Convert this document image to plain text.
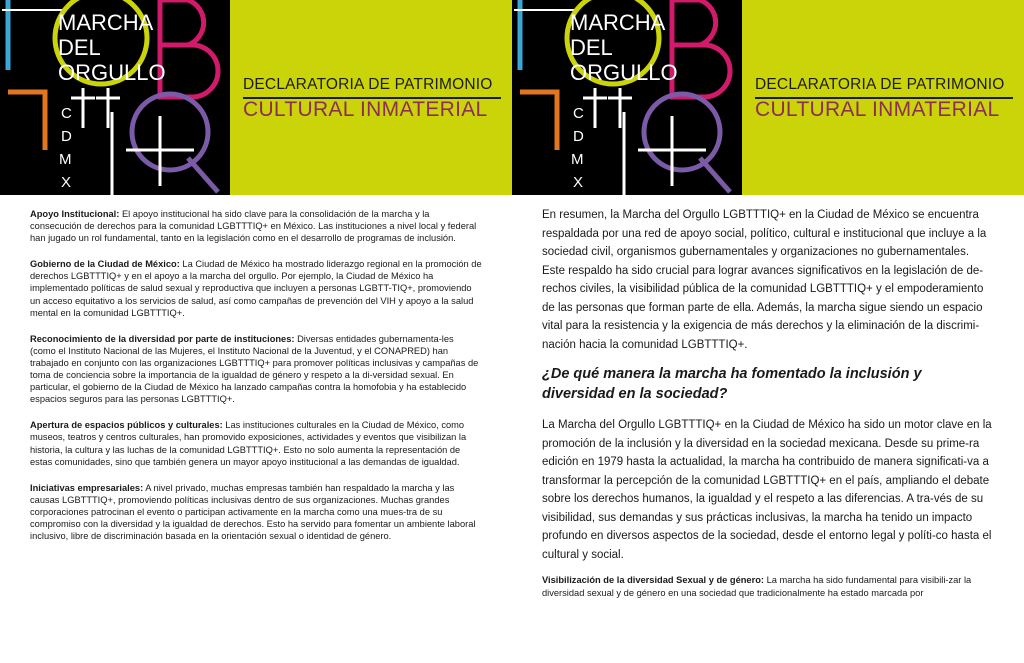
MARCHA
DEL
ORGULLO
C
D
M
X
DECLARATORIA DE PATRIMONIO
CULTURAL INMATERIAL

Apoyo Institucional: El apoyo institucional ha sido clave para la consolidación de la marcha y la consecución de derechos para la comunidad LGBTTTIQ+ en México. Las instituciones a nivel local y federal han jugado un rol fundamental, tanto en la legislación como en el desarrollo de programas de inclusión.

Gobierno de la Ciudad de México: La Ciudad de México ha mostrado liderazgo regional en la promoción de derechos LGBTTTIQ+ y en el apoyo a la marcha del orgullo. Por ejemplo, la Ciudad de México ha implementado políticas de salud sexual y reproductiva que incluyen a personas LGBTT-TIQ+, promoviendo un acceso equitativo a los servicios de salud, así como campañas de prevención del VIH y apoyo a la salud mental en la comunidad LGBTTTIQ+.

Reconocimiento de la diversidad por parte de instituciones: Diversas entidades gubernamenta-les (como el Instituto Nacional de las Mujeres, el Instituto Nacional de la Juventud, y el CONAPRED) han trabajado en conjunto con las organizaciones LGBTTTIQ+ para promover políticas inclusivas y campañas de toma de conciencia sobre la importancia de la igualdad de género y respeto a la di-versidad sexual. En particular, el gobierno de la Ciudad de México ha lanzado campañas contra la homofobia y ha establecido espacios seguros para las personas LGBTTTIQ+.

Apertura de espacios públicos y culturales: Las instituciones culturales en la Ciudad de México, como museos, teatros y centros culturales, han promovido exposiciones, actividades y eventos que visibilizan la historia, la cultura y las luchas de la comunidad LGBTTTIQ+. Esto no solo aumenta la representación de estas comunidades, sino que también genera un mayor apoyo institucional a las demandas de igualdad.

Iniciativas empresariales: A nivel privado, muchas empresas también han respaldado la marcha y las causas LGBTTTIQ+, promoviendo políticas inclusivas dentro de sus organizaciones. Muchas grandes corporaciones patrocinan el evento o participan activamente en la marcha como una mues-tra de su compromiso con la diversidad y la igualdad de derechos. Esto ha servido para fomentar un ambiente laboral inclusivo, libre de discriminación basada en la orientación sexual o identidad de género.

MARCHA
DEL
ORGULLO
C
D
M
X
DECLARATORIA DE PATRIMONIO
CULTURAL INMATERIAL

En resumen, la Marcha del Orgullo LGBTTTIQ+ en la Ciudad de México se encuentra respaldada por una red de apoyo social, político, cultural e institucional que incluye a la sociedad civil, organismos gubernamentales y organizaciones no gubernamentales. Este respaldo ha sido crucial para lograr avances significativos en la legislación de de-rechos civiles, la visibilidad pública de la comunidad LGBTTTIQ+ y el empoderamiento de las personas que forman parte de ella. Además, la marcha sigue siendo un espacio vital para la resistencia y la exigencia de más derechos y la eliminación de la discrimi-nación hacia la comunidad LGBTTTIQ+.

¿De qué manera la marcha ha fomentado la inclusión y diversidad en la sociedad?

La Marcha del Orgullo LGBTTTIQ+ en la Ciudad de México ha sido un motor clave en la promoción de la inclusión y la diversidad en la sociedad mexicana. Desde su prime-ra edición en 1979 hasta la actualidad, la marcha ha contribuido de manera significati-va a transformar la percepción de la comunidad LGBTTTIQ+ en el país, ampliando el debate sobre los derechos humanos, la igualdad y el respeto a las diferencias. A tra-vés de su visibilidad, sus demandas y sus prácticas inclusivas, la marcha ha tenido un impacto profundo en diversos aspectos de la sociedad, desde el entorno legal y políti-co hasta el cultural y social.

Visibilización de la diversidad Sexual y de género: La marcha ha sido fundamental para visibili-zar la diversidad sexual y de género en una sociedad que tradicionalmente ha estado marcada por
